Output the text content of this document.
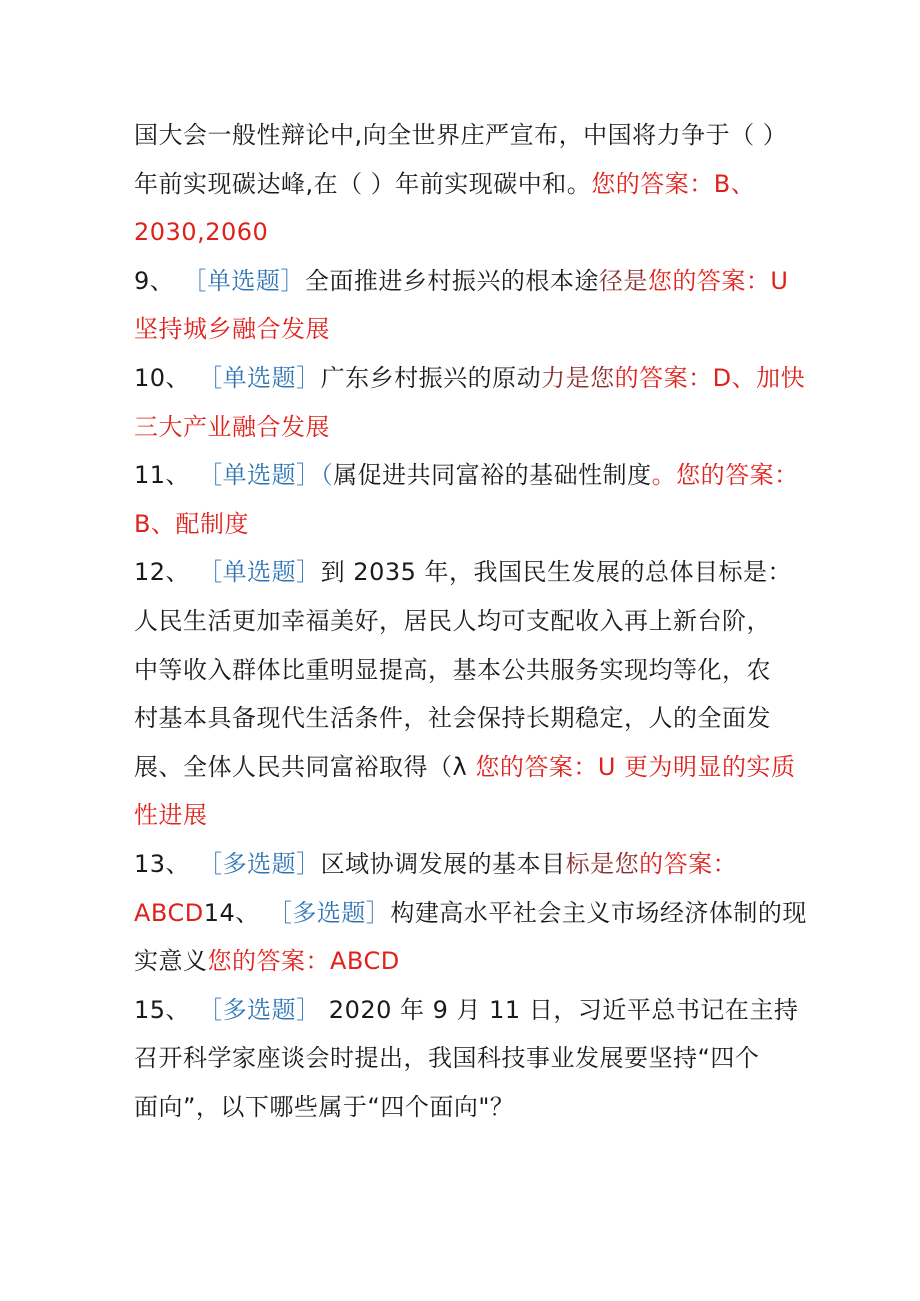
国大会一般性辩论中,向全世界庄严宣布，中国将力争于（ ）
年前实现碳达峰,在（ ）年前实现碳中和。您的答案：B、
2030,2060
9、 ［单选题］全面推进乡村振兴的根本途径是您的答案：U
坚持城乡融合发展
10、 ［单选题］广东乡村振兴的原动力是您的答案：D、加快
三大产业融合发展
11、 ［单选题］（属促进共同富裕的基础性制度。您的答案：
B、配制度
12、 ［单选题］到 2035 年，我国民生发展的总体目标是：
人民生活更加幸福美好，居民人均可支配收入再上新台阶，
中等收入群体比重明显提高，基本公共服务实现均等化，农
村基本具备现代生活条件，社会保持长期稳定，人的全面发
展、全体人民共同富裕取得（λ 您的答案：U 更为明显的实质
性进展
13、 ［多选题］区域协调发展的基本目标是您的答案：
ABCD14、 ［多选题］构建高水平社会主义市场经济体制的现
实意义您的答案：ABCD
15、 ［多选题］ 2020 年 9 月 11 日，习近平总书记在主持
召开科学家座谈会时提出，我国科技事业发展要坚持“四个
面向”，以下哪些属于“四个面向"？
